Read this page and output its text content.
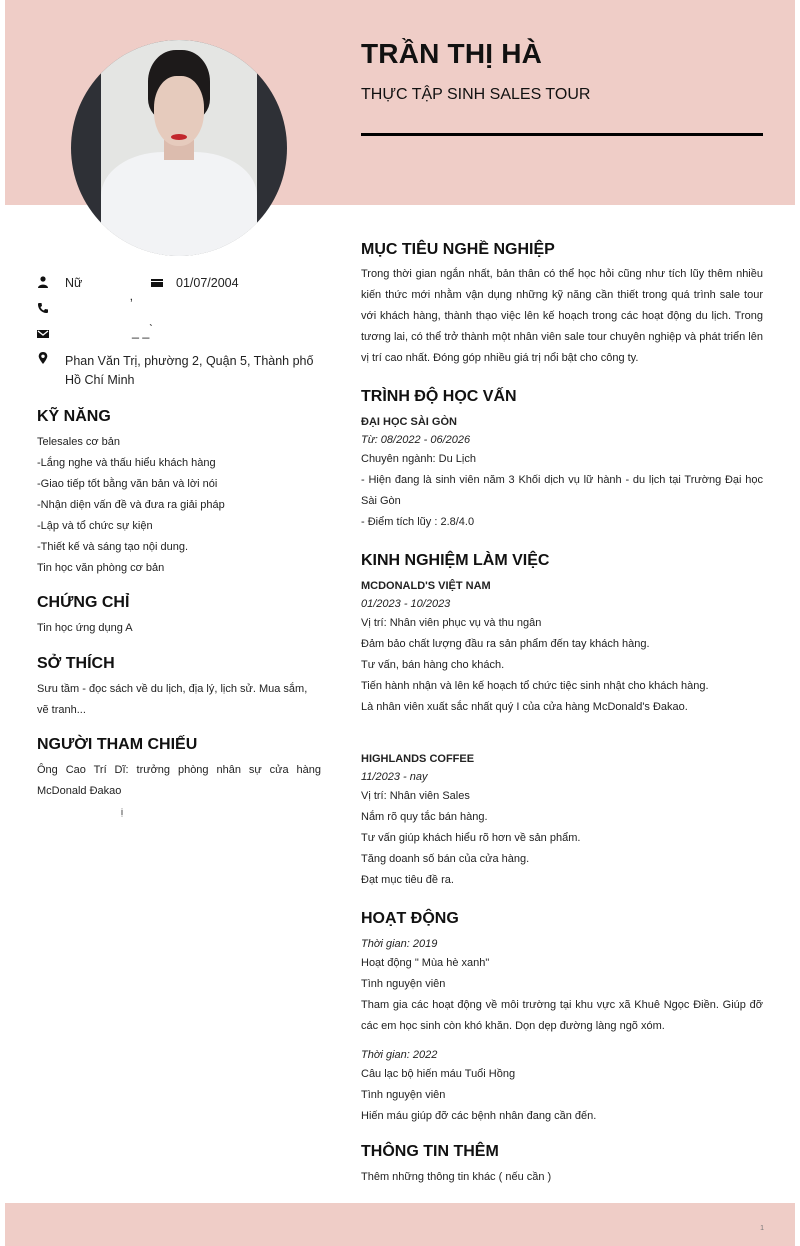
TRẦN THỊ HÀ
THỰC TẬP SINH SALES TOUR
Nữ	01/07/2004
ʼ
_ _ ̀
Phan Văn Trị, phường 2, Quận 5, Thành phố
Hồ Chí Minh
KỸ NĂNG
Telesales cơ bản
-Lắng nghe và thấu hiểu khách hàng
-Giao tiếp tốt bằng văn bản và lời nói
-Nhận diện vấn đề và đưa ra giải pháp
-Lập và tổ chức sự kiện
-Thiết kế và sáng tạo nội dung.
Tin học văn phòng cơ bản
CHỨNG CHỈ
Tin học ứng dụng A
SỞ THÍCH
Sưu tầm - đọc sách về du lịch, địa lý, lịch sử. Mua sắm, vẽ tranh...
NGƯỜI THAM CHIẾU
Ông Cao Trí Dĩ: trưởng phòng nhân sự cửa hàng McDonald Đakao
ị
MỤC TIÊU NGHỀ NGHIỆP
Trong thời gian ngắn nhất, bản thân có thể học hỏi cũng như tích lũy thêm nhiều kiến thức mới nhằm vận dụng những kỹ năng cần thiết trong quá trình sale tour với khách hàng, thành thạo việc lên kế hoạch trong các hoạt động du lịch. Trong tương lai, có thể trở thành một nhân viên sale tour chuyên nghiệp và phát triển lên vị trí cao nhất. Đóng góp nhiều giá trị nổi bật cho công ty.
TRÌNH ĐỘ HỌC VẤN
ĐẠI HỌC SÀI GÒN
Từ: 08/2022 - 06/2026
Chuyên ngành: Du Lịch
- Hiện đang là sinh viên năm 3 Khối dịch vụ lữ hành - du lịch tại Trường Đại học Sài Gòn
- Điểm tích lũy : 2.8/4.0
KINH NGHIỆM LÀM VIỆC
MCDONALD'S VIỆT NAM
01/2023 - 10/2023
Vị trí: Nhân viên phục vụ và thu ngân
Đảm bảo chất lượng đầu ra sản phẩm đến tay khách hàng.
Tư vấn, bán hàng cho khách.
Tiến hành nhận và lên kế hoạch tổ chức tiệc sinh nhật cho khách hàng.
Là nhân viên xuất sắc nhất quý I của cửa hàng McDonald's Đakao.
HIGHLANDS COFFEE
11/2023 - nay
Vị trí: Nhân viên Sales
Nắm rõ quy tắc bán hàng.
Tư vấn giúp khách hiểu rõ hơn về sản phẩm.
Tăng doanh số bán của cửa hàng.
Đạt mục tiêu đề ra.
HOẠT ĐỘNG
Thời gian: 2019
Hoạt động " Mùa hè xanh"
Tình nguyện viên
Tham gia các hoạt động về môi trường tại khu vực xã Khuê Ngọc Điền. Giúp đỡ các em học sinh còn khó khăn. Dọn dẹp đường làng ngõ xóm.
Thời gian: 2022
Câu lạc bộ hiến máu Tuổi Hồng
Tình nguyện viên
Hiến máu giúp đỡ các bệnh nhân đang cần đến.
THÔNG TIN THÊM
Thêm những thông tin khác ( nếu cần )
1
